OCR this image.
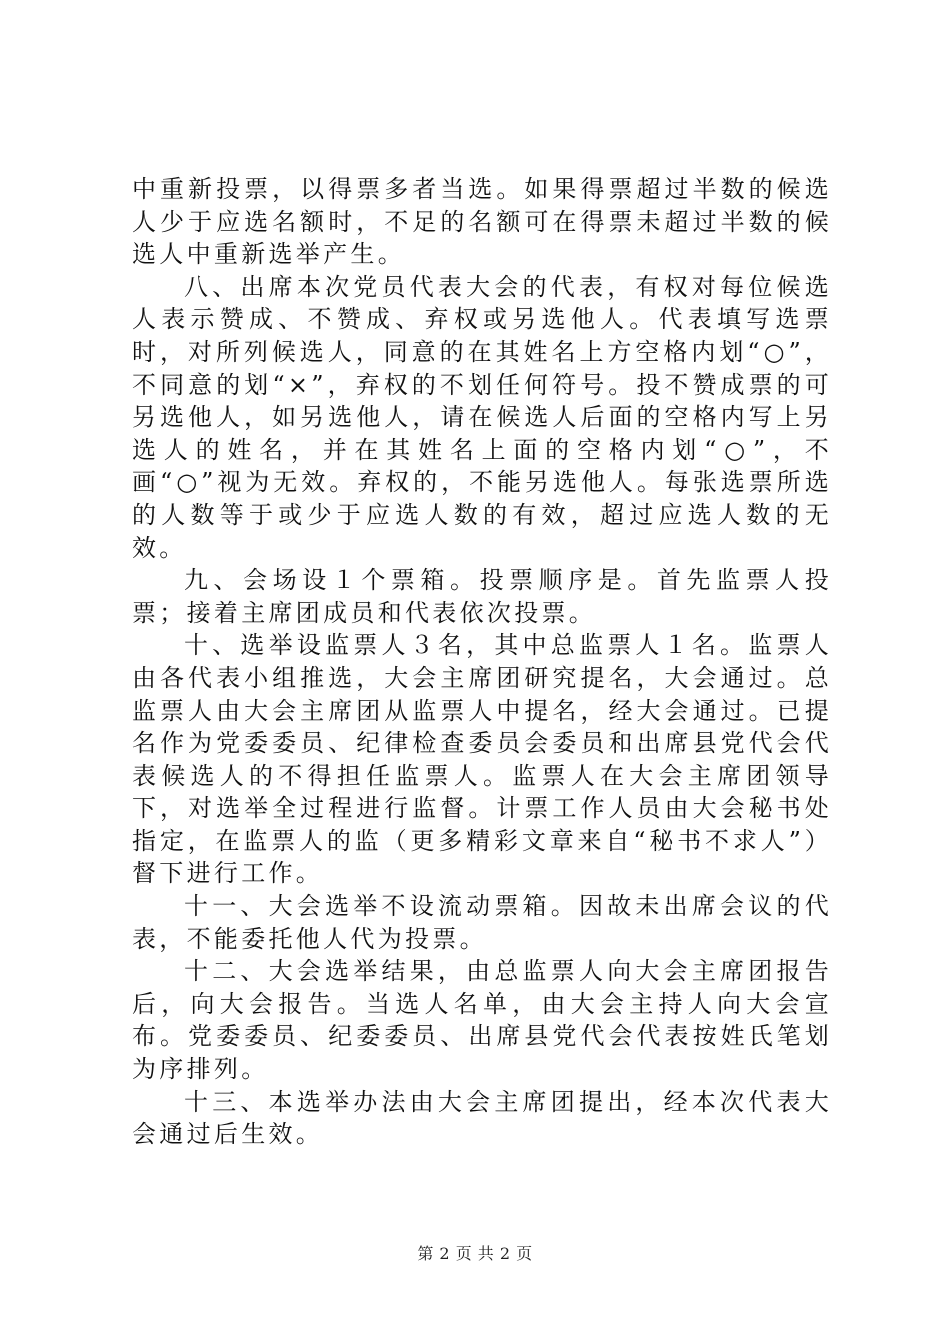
中重新投票，以得票多者当选。如果得票超过半数的候选人少于应选名额时，不足的名额可在得票未超过半数的候选人中重新选举产生。

八、出席本次党员代表大会的代表，有权对每位候选人表示赞成、不赞成、弃权或另选他人。代表填写选票时，对所列候选人，同意的在其姓名上方空格内划“○”，不同意的划“×”，弃权的不划任何符号。投不赞成票的可另选他人，如另选他人，请在候选人后面的空格内写上另选人的姓名，并在其姓名上面的空格内划“○”，不画“○”视为无效。弃权的，不能另选他人。每张选票所选的人数等于或少于应选人数的有效，超过应选人数的无效。

九、会场设１个票箱。投票顺序是。首先监票人投票；接着主席团成员和代表依次投票。

十、选举设监票人３名，其中总监票人１名。监票人由各代表小组推选，大会主席团研究提名，大会通过。总监票人由大会主席团从监票人中提名，经大会通过。已提名作为党委委员、纪律检查委员会委员和出席县党代会代表候选人的不得担任监票人。监票人在大会主席团领导下，对选举全过程进行监督。计票工作人员由大会秘书处指定，在监票人的监（更多精彩文章来自“秘书不求人”）督下进行工作。

十一、大会选举不设流动票箱。因故未出席会议的代表，不能委托他人代为投票。

十二、大会选举结果，由总监票人向大会主席团报告后，向大会报告。当选人名单，由大会主持人向大会宣布。党委委员、纪委委员、出席县党代会代表按姓氏笔划为序排列。

十三、本选举办法由大会主席团提出，经本次代表大会通过后生效。

第 2 页 共 2 页
